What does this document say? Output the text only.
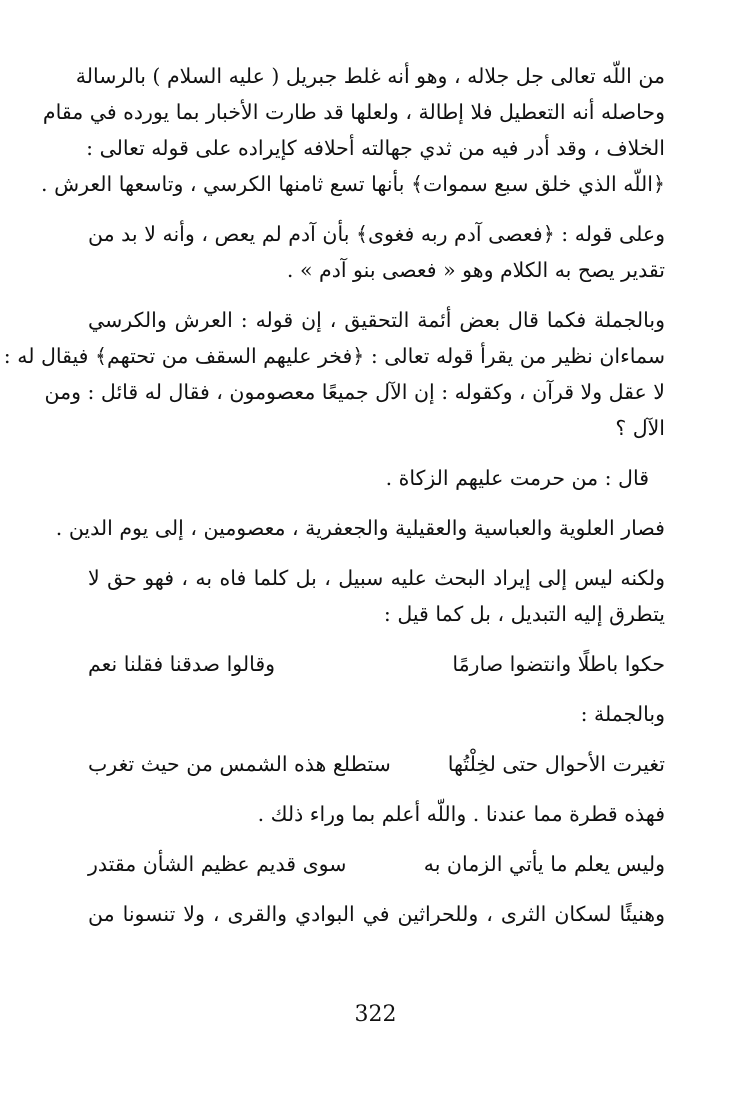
من اللّه تعالى جل جلاله ، وهو أنه غلط جبريل ( عليه السلام ) بالرسالة
وحاصله أنه التعطيل فلا إطالة ، ولعلها قد طارت الأخبار بما يورده في مقام
الخلاف ، وقد أدر فيه من ثدي جهالته أحلافه كإيراده على قوله تعالى :
﴿اللّه الذي خلق سبع سموات﴾ بأنها تسع ثامنها الكرسي ، وتاسعها العرش .
وعلى قوله : ﴿فعصى آدم ربه فغوى﴾ بأن آدم لم يعص ، وأنه لا بد من
تقدير يصح به الكلام وهو « فعصى بنو آدم » .
وبالجملة فكما قال بعض أئمة التحقيق ، إن قوله : العرش والكرسي
سماءان نظير من يقرأ قوله تعالى : ﴿فخر عليهم السقف من تحتهم﴾ فيقال له :
لا عقل ولا قرآن ، وكقوله : إن الآل جميعًا معصومون ، فقال له قائل : ومن
الآل ؟
قال : من حرمت عليهم الزكاة .
فصار العلوية والعباسية والعقيلية والجعفرية ، معصومين ، إلى يوم الدين .
ولكنه ليس إلى إيراد البحث عليه سبيل ، بل كلما فاه به ، فهو حق لا
يتطرق إليه التبديل ، بل كما قيل :
حكوا باطلًا وانتضوا صارمًا
وقالوا صدقنا فقلنا نعم
وبالجملة :
تغيرت الأحوال حتى لخِلْتُها
ستطلع هذه الشمس من حيث تغرب
فهذه قطرة مما عندنا . واللّه أعلم بما وراء ذلك .
وليس يعلم ما يأتي الزمان به
سوى قديم عظيم الشأن مقتدر
وهنيئًا لسكان الثرى ، وللحراثين في البوادي والقرى ، ولا تنسونا من
322
